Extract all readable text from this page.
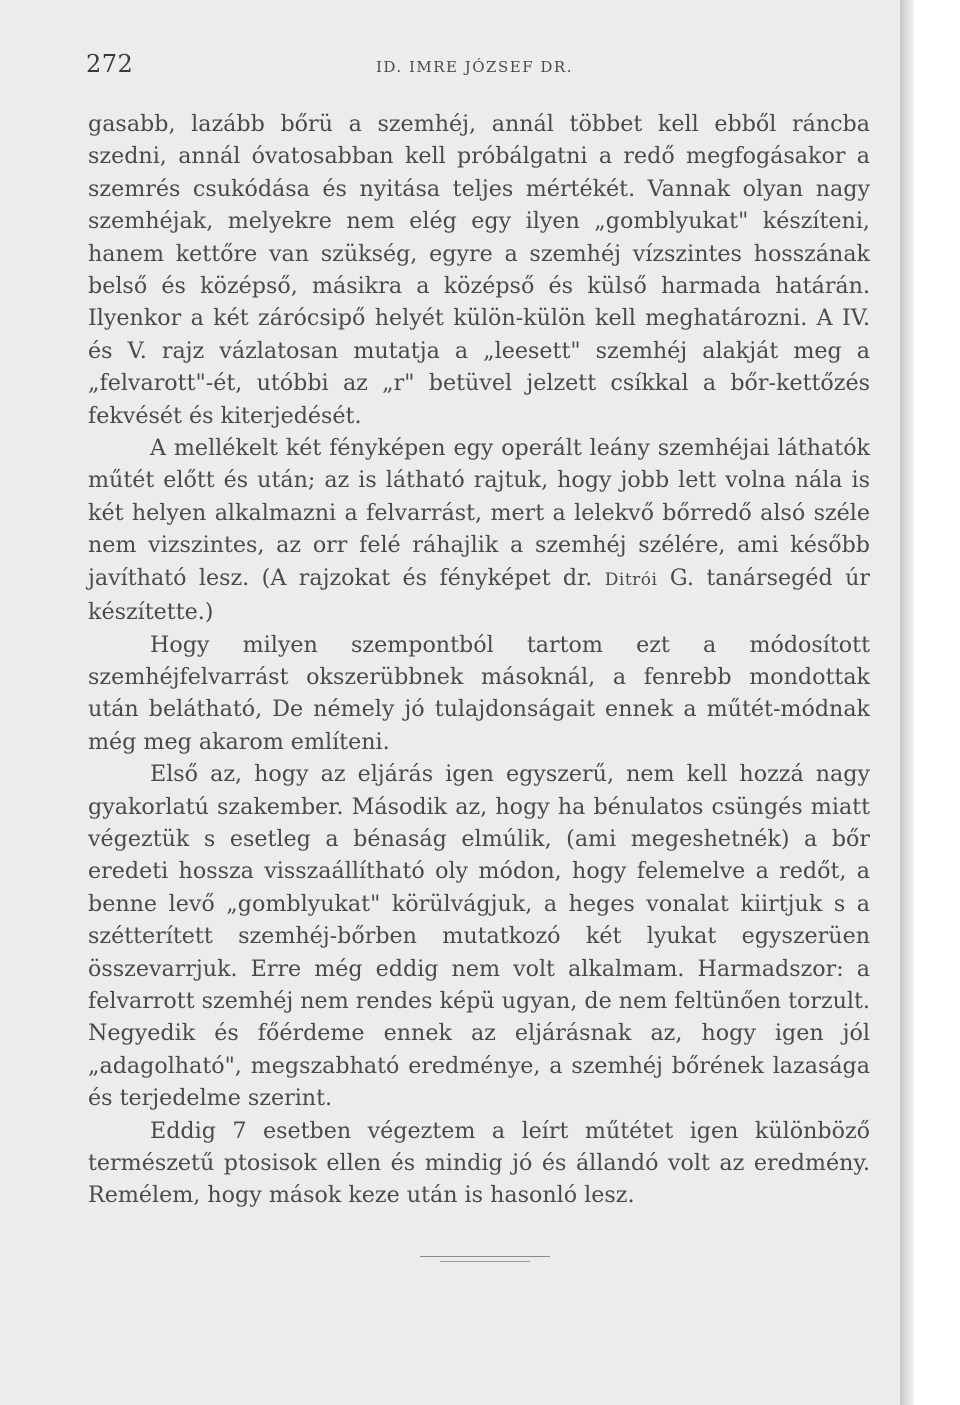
272	ID. IMRE JÓZSEF DR.

gasabb, lazább bőrü a szemhéj, annál többet kell ebből ráncba szedni, annál óvatosabban kell próbálgatni a redő megfogásakor a szemrés csukódása és nyitása teljes mértékét. Vannak olyan nagy szemhéjak, melyekre nem elég egy ilyen „gomblyukat" készíteni, hanem kettőre van szükség, egyre a szemhéj vízszintes hosszának belső és középső, másikra a középső és külső harmada határán. Ilyenkor a két zárócsipő helyét külön-külön kell meghatározni. A IV. és V. rajz vázlatosan mutatja a „leesett" szemhéj alakját meg a „felvarott"-ét, utóbbi az „r" betüvel jelzett csíkkal a bőr-kettőzés fekvését és kiterjedését.

A mellékelt két fényképen egy operált leány szemhéjai láthatók műtét előtt és után; az is látható rajtuk, hogy jobb lett volna nála is két helyen alkalmazni a felvarrást, mert a lelekvő bőrredő alsó széle nem vizszintes, az orr felé ráhajlik a szemhéj szélére, ami később javítható lesz. (A rajzokat és fényképet dr. Ditrói G. tanársegéd úr készítette.)

Hogy milyen szempontból tartom ezt a módosított szemhéjfelvarrást okszerübbnek másoknál, a fenrebb mondottak után belátható, De némely jó tulajdonságait ennek a műtét-módnak még meg akarom említeni.

Első az, hogy az eljárás igen egyszerű, nem kell hozzá nagy gyakorlatú szakember. Második az, hogy ha bénulatos csüngés miatt végeztük s esetleg a bénaság elmúlik, (ami megeshetnék) a bőr eredeti hossza visszaállítható oly módon, hogy felemelve a redőt, a benne levő „gomblyukat" körülvágjuk, a heges vonalat kiirtjuk s a szétterített szemhéj-bőrben mutatkozó két lyukat egyszerüen összevarrjuk. Erre még eddig nem volt alkalmam. Harmadszor: a felvarrott szemhéj nem rendes képü ugyan, de nem feltünően torzult. Negyedik és főérdeme ennek az eljárásnak az, hogy igen jól „adagolható", megszabható eredménye, a szemhéj bőrének lazasága és terjedelme szerint.

Eddig 7 esetben végeztem a leírt műtétet igen különböző természetű ptosisok ellen és mindig jó és állandó volt az eredmény. Remélem, hogy mások keze után is hasonló lesz.
